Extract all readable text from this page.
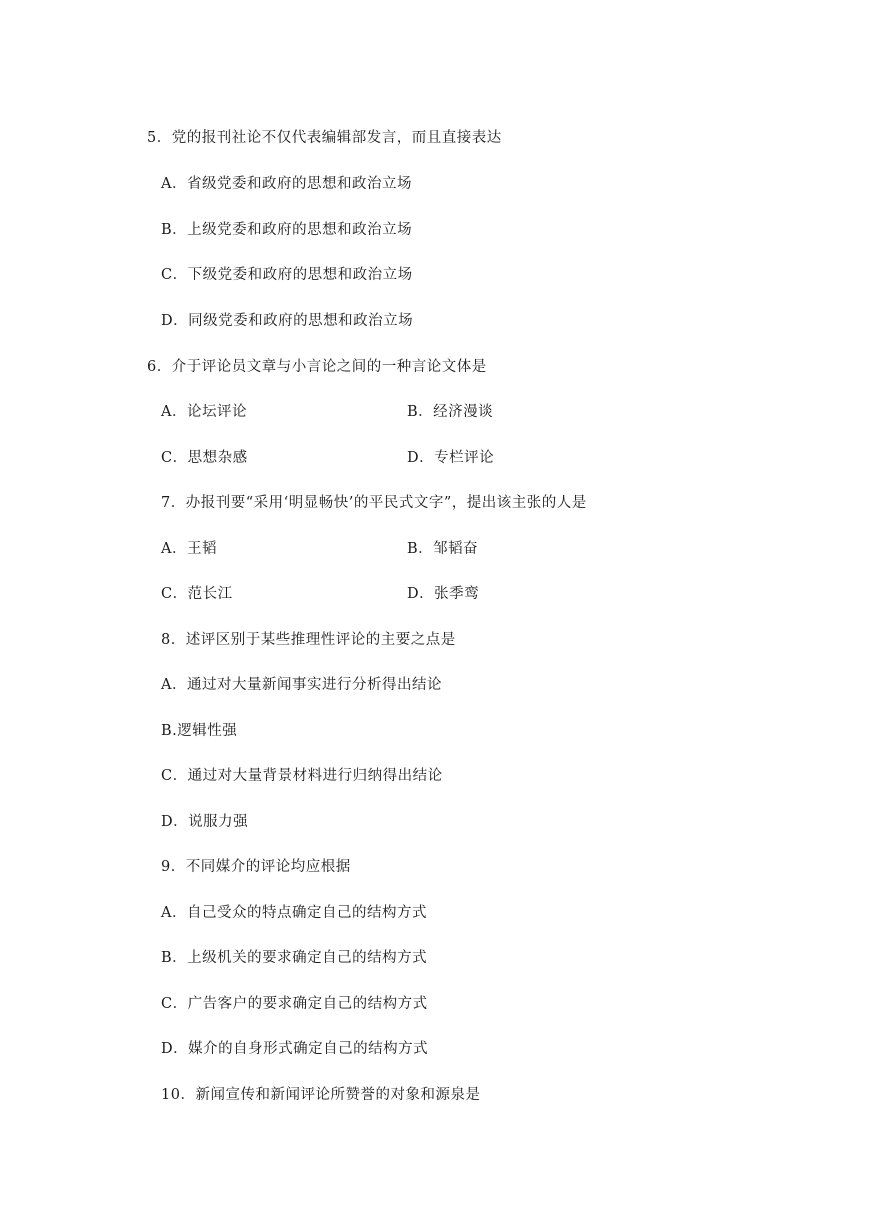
5．党的报刊社论不仅代表编辑部发言，而且直接表达
A．省级党委和政府的思想和政治立场
B．上级党委和政府的思想和政治立场
C．下级党委和政府的思想和政治立场
D．同级党委和政府的思想和政治立场
6．介于评论员文章与小言论之间的一种言论文体是
A．论坛评论	B．经济漫谈
C．思想杂感	D．专栏评论
7．办报刊要“采用‘明显畅快’的平民式文字”，提出该主张的人是
A．王韬	B．邹韬奋
C．范长江	D．张季鸾
8．述评区别于某些推理性评论的主要之点是
A．通过对大量新闻事实进行分析得出结论
B.逻辑性强
C．通过对大量背景材料进行归纳得出结论
D．说服力强
9．不同媒介的评论均应根据
A．自己受众的特点确定自己的结构方式
B．上级机关的要求确定自己的结构方式
C．广告客户的要求确定自己的结构方式
D．媒介的自身形式确定自己的结构方式
10．新闻宣传和新闻评论所赞誉的对象和源泉是
